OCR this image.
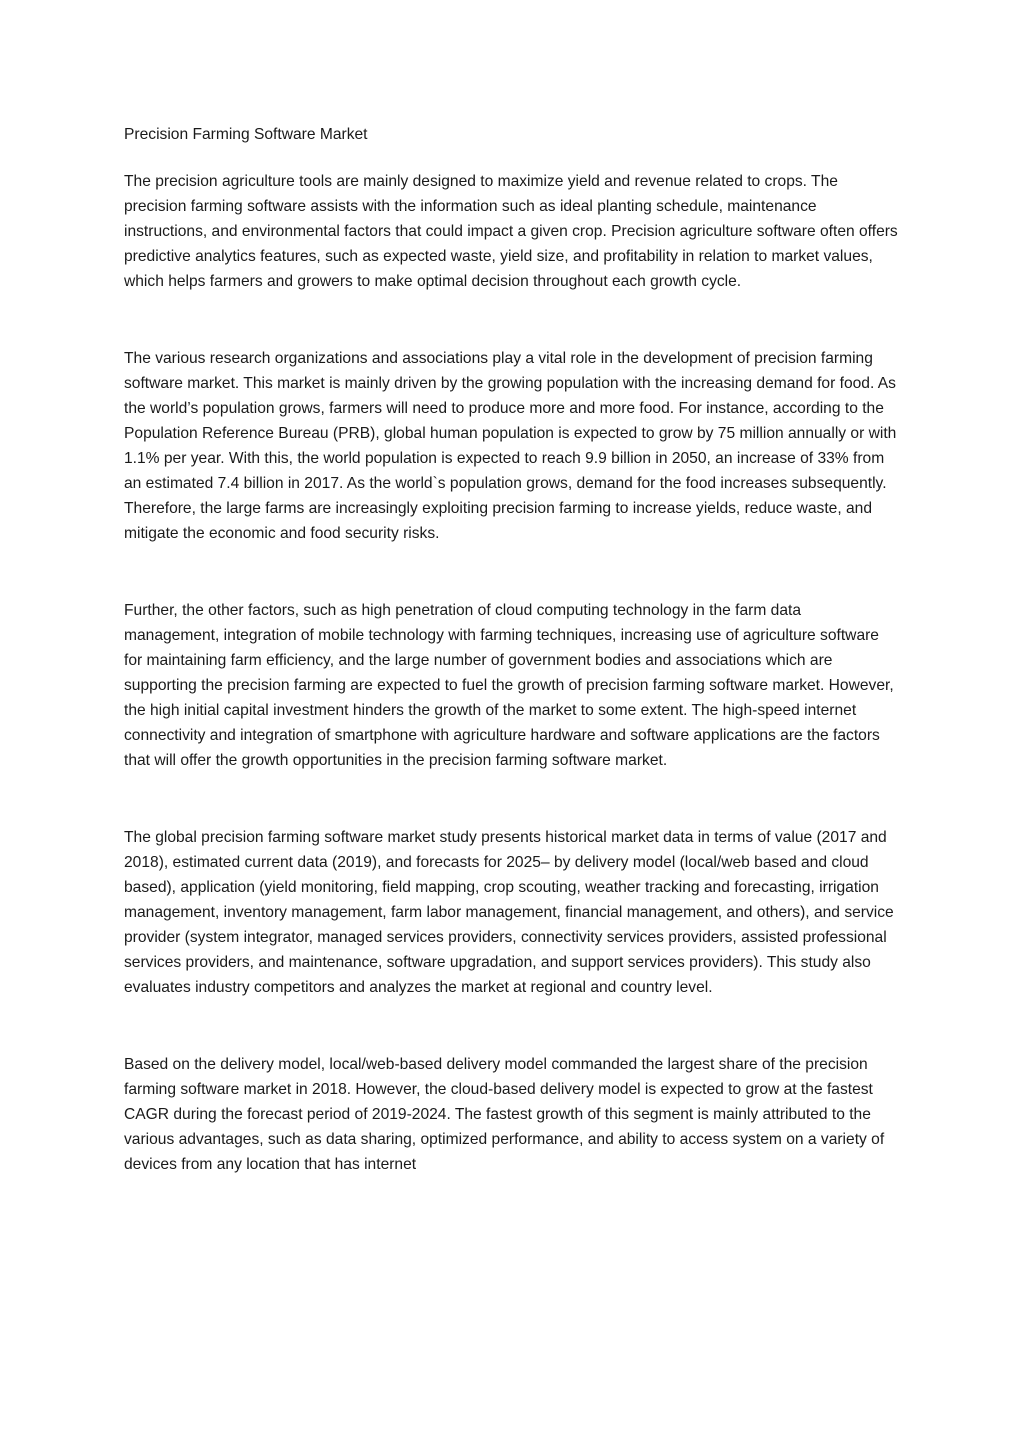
Precision Farming Software Market

The precision agriculture tools are mainly designed to maximize yield and revenue related to crops. The precision farming software assists with the information such as ideal planting schedule, maintenance instructions, and environmental factors that could impact a given crop. Precision agriculture software often offers predictive analytics features, such as expected waste, yield size, and profitability in relation to market values, which helps farmers and growers to make optimal decision throughout each growth cycle.

The various research organizations and associations play a vital role in the development of precision farming software market. This market is mainly driven by the growing population with the increasing demand for food. As the world’s population grows, farmers will need to produce more and more food. For instance, according to the Population Reference Bureau (PRB), global human population is expected to grow by 75 million annually or with 1.1% per year. With this, the world population is expected to reach 9.9 billion in 2050, an increase of 33% from an estimated 7.4 billion in 2017. As the world`s population grows, demand for the food increases subsequently. Therefore, the large farms are increasingly exploiting precision farming to increase yields, reduce waste, and mitigate the economic and food security risks.

Further, the other factors, such as high penetration of cloud computing technology in the farm data management, integration of mobile technology with farming techniques, increasing use of agriculture software for maintaining farm efficiency, and the large number of government bodies and associations which are supporting the precision farming are expected to fuel the growth of precision farming software market. However, the high initial capital investment hinders the growth of the market to some extent. The high-speed internet connectivity and integration of smartphone with agriculture hardware and software applications are the factors that will offer the growth opportunities in the precision farming software market.

The global precision farming software market study presents historical market data in terms of value (2017 and 2018), estimated current data (2019), and forecasts for 2025– by delivery model (local/web based and cloud based), application (yield monitoring, field mapping, crop scouting, weather tracking and forecasting, irrigation management, inventory management, farm labor management, financial management, and others), and service provider (system integrator, managed services providers, connectivity services providers, assisted professional services providers, and maintenance, software upgradation, and support services providers). This study also evaluates industry competitors and analyzes the market at regional and country level.

Based on the delivery model, local/web-based delivery model commanded the largest share of the precision farming software market in 2018. However, the cloud-based delivery model is expected to grow at the fastest CAGR during the forecast period of 2019-2024. The fastest growth of this segment is mainly attributed to the various advantages, such as data sharing, optimized performance, and ability to access system on a variety of devices from any location that has internet
